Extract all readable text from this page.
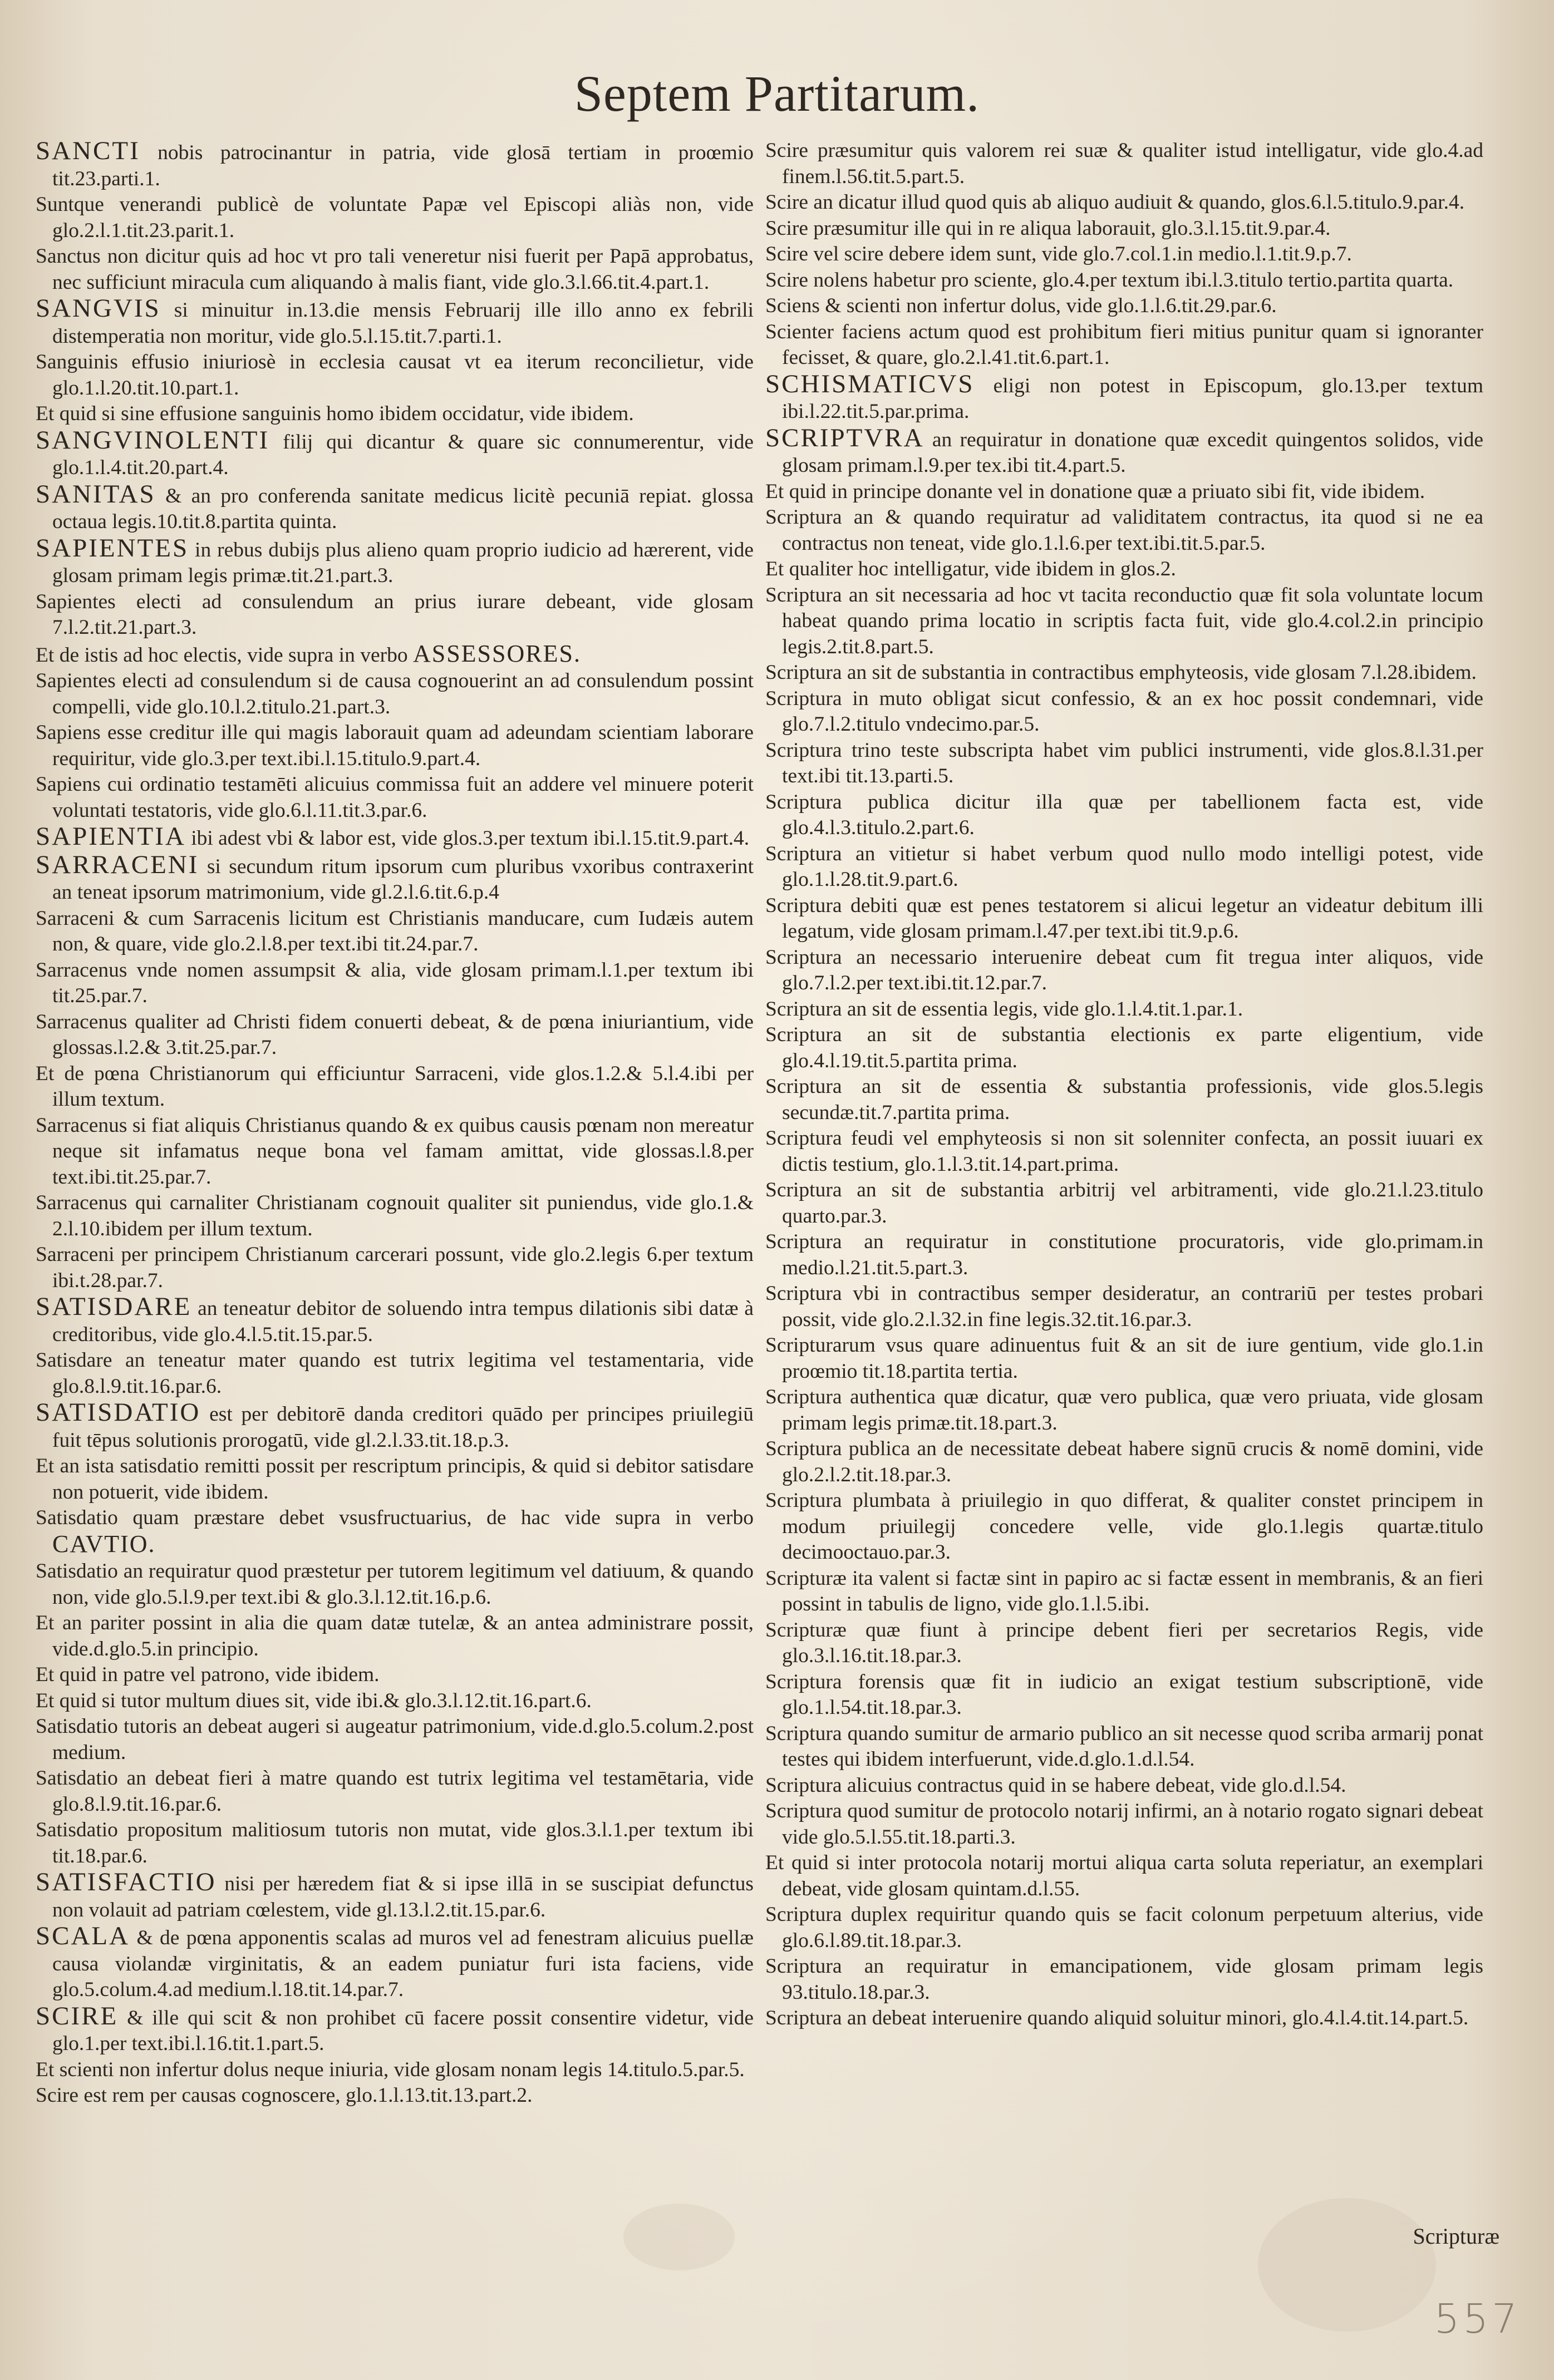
Septem Partitarum.

SANCTI nobis patrocinantur in patria, vide glosā tertiam in proœmio tit.23.parti.1.

Suntque venerandi publicè de voluntate Papæ vel Episcopi aliàs non, vide glo.2.l.1.tit.23.parit.1.

Sanctus non dicitur quis ad hoc vt pro tali veneretur nisi fuerit per Papā approbatus, nec sufficiunt miracula cum aliquando à malis fiant, vide glo.3.l.66.tit.4.part.1.

SANGVIS si minuitur in.13.die mensis Februarij ille illo anno ex febrili distemperatia non moritur, vide glo.5.l.15.tit.7.parti.1.

Sanguinis effusio iniuriosè in ecclesia causat vt ea iterum reconcilietur, vide glo.1.l.20.tit.10.part.1.

Et quid si sine effusione sanguinis homo ibidem occidatur, vide ibidem.

SANGVINOLENTI filij qui dicantur & quare sic connumerentur, vide glo.1.l.4.tit.20.part.4.

SANITAS & an pro conferenda sanitate medicus licitè pecuniā repiat. glossa octaua legis.10.tit.8.partita quinta.

SAPIENTES in rebus dubijs plus alieno quam proprio iudicio ad hærerent, vide glosam primam legis primæ.tit.21.part.3.

Sapientes electi ad consulendum an prius iurare debeant, vide glosam 7.l.2.tit.21.part.3.

Et de istis ad hoc electis, vide supra in verbo ASSESSORES.

Sapientes electi ad consulendum si de causa cognouerint an ad consulendum possint compelli, vide glo.10.l.2.titulo.21.part.3.

Sapiens esse creditur ille qui magis laborauit quam ad adeundam scientiam laborare requiritur, vide glo.3.per text.ibi.l.15.titulo.9.part.4.

Sapiens cui ordinatio testamēti alicuius commissa fuit an addere vel minuere poterit voluntati testatoris, vide glo.6.l.11.tit.3.par.6.

SAPIENTIA ibi adest vbi & labor est, vide glos.3.per textum ibi.l.15.tit.9.part.4.

SARRACENI si secundum ritum ipsorum cum pluribus vxoribus contraxerint an teneat ipsorum matrimonium, vide gl.2.l.6.tit.6.p.4

Sarraceni & cum Sarracenis licitum est Christianis manducare, cum Iudæis autem non, & quare, vide glo.2.l.8.per text.ibi tit.24.par.7.

Sarracenus vnde nomen assumpsit & alia, vide glosam primam.l.1.per textum ibi tit.25.par.7.

Sarracenus qualiter ad Christi fidem conuerti debeat, & de pœna iniuriantium, vide glossas.l.2.& 3.tit.25.par.7.

Et de pœna Christianorum qui efficiuntur Sarraceni, vide glos.1.2.& 5.l.4.ibi per illum textum.

Sarracenus si fiat aliquis Christianus quando & ex quibus causis pœnam non mereatur neque sit infamatus neque bona vel famam amittat, vide glossas.l.8.per text.ibi.tit.25.par.7.

Sarracenus qui carnaliter Christianam cognouit qualiter sit puniendus, vide glo.1.& 2.l.10.ibidem per illum textum.

Sarraceni per principem Christianum carcerari possunt, vide glo.2.legis 6.per textum ibi.t.28.par.7.

SATISDARE an teneatur debitor de soluendo intra tempus dilationis sibi datæ à creditoribus, vide glo.4.l.5.tit.15.par.5.

Satisdare an teneatur mater quando est tutrix legitima vel testamentaria, vide glo.8.l.9.tit.16.par.6.

SATISDATIO est per debitorē danda creditori quādo per principes priuilegiū fuit tēpus solutionis prorogatū, vide gl.2.l.33.tit.18.p.3.

Et an ista satisdatio remitti possit per rescriptum principis, & quid si debitor satisdare non potuerit, vide ibidem.

Satisdatio quam præstare debet vsusfructuarius, de hac vide supra in verbo CAVTIO.

Satisdatio an requiratur quod præstetur per tutorem legitimum vel datiuum, & quando non, vide glo.5.l.9.per text.ibi & glo.3.l.12.tit.16.p.6.

Et an pariter possint in alia die quam datæ tutelæ, & an antea administrare possit, vide.d.glo.5.in principio.

Et quid in patre vel patrono, vide ibidem.

Et quid si tutor multum diues sit, vide ibi.& glo.3.l.12.tit.16.part.6.

Satisdatio tutoris an debeat augeri si augeatur patrimonium, vide.d.glo.5.colum.2.post medium.

Satisdatio an debeat fieri à matre quando est tutrix legitima vel testamētaria, vide glo.8.l.9.tit.16.par.6.

Satisdatio propositum malitiosum tutoris non mutat, vide glos.3.l.1.per textum ibi tit.18.par.6.

SATISFACTIO nisi per hæredem fiat & si ipse illā in se suscipiat defunctus non volauit ad patriam cœlestem, vide gl.13.l.2.tit.15.par.6.

SCALA & de pœna apponentis scalas ad muros vel ad fenestram alicuius puellæ causa violandæ virginitatis, & an eadem puniatur furi ista faciens, vide glo.5.colum.4.ad medium.l.18.tit.14.par.7.

SCIRE & ille qui scit & non prohibet cū facere possit consentire videtur, vide glo.1.per text.ibi.l.16.tit.1.part.5.

Et scienti non infertur dolus neque iniuria, vide glosam nonam legis 14.titulo.5.par.5.

Scire est rem per causas cognoscere, glo.1.l.13.tit.13.part.2.

Scire præsumitur quis valorem rei suæ & qualiter istud intelligatur, vide glo.4.ad finem.l.56.tit.5.part.5.

Scire an dicatur illud quod quis ab aliquo audiuit & quando, glos.6.l.5.titulo.9.par.4.

Scire præsumitur ille qui in re aliqua laborauit, glo.3.l.15.tit.9.par.4.

Scire vel scire debere idem sunt, vide glo.7.col.1.in medio.l.1.tit.9.p.7.

Scire nolens habetur pro sciente, glo.4.per textum ibi.l.3.titulo tertio.partita quarta.

Sciens & scienti non infertur dolus, vide glo.1.l.6.tit.29.par.6.

Scienter faciens actum quod est prohibitum fieri mitius punitur quam si ignoranter fecisset, & quare, glo.2.l.41.tit.6.part.1.

SCHISMATICVS eligi non potest in Episcopum, glo.13.per textum ibi.l.22.tit.5.par.prima.

SCRIPTVRA an requiratur in donatione quæ excedit quingentos solidos, vide glosam primam.l.9.per tex.ibi tit.4.part.5.

Et quid in principe donante vel in donatione quæ a priuato sibi fit, vide ibidem.

Scriptura an & quando requiratur ad validitatem contractus, ita quod si ne ea contractus non teneat, vide glo.1.l.6.per text.ibi.tit.5.par.5.

Et qualiter hoc intelligatur, vide ibidem in glos.2.

Scriptura an sit necessaria ad hoc vt tacita reconductio quæ fit sola voluntate locum habeat quando prima locatio in scriptis facta fuit, vide glo.4.col.2.in principio legis.2.tit.8.part.5.

Scriptura an sit de substantia in contractibus emphyteosis, vide glosam 7.l.28.ibidem.

Scriptura in muto obligat sicut confessio, & an ex hoc possit condemnari, vide glo.7.l.2.titulo vndecimo.par.5.

Scriptura trino teste subscripta habet vim publici instrumenti, vide glos.8.l.31.per text.ibi tit.13.parti.5.

Scriptura publica dicitur illa quæ per tabellionem facta est, vide glo.4.l.3.titulo.2.part.6.

Scriptura an vitietur si habet verbum quod nullo modo intelligi potest, vide glo.1.l.28.tit.9.part.6.

Scriptura debiti quæ est penes testatorem si alicui legetur an videatur debitum illi legatum, vide glosam primam.l.47.per text.ibi tit.9.p.6.

Scriptura an necessario interuenire debeat cum fit tregua inter aliquos, vide glo.7.l.2.per text.ibi.tit.12.par.7.

Scriptura an sit de essentia legis, vide glo.1.l.4.tit.1.par.1.

Scriptura an sit de substantia electionis ex parte eligentium, vide glo.4.l.19.tit.5.partita prima.

Scriptura an sit de essentia & substantia professionis, vide glos.5.legis secundæ.tit.7.partita prima.

Scriptura feudi vel emphyteosis si non sit solenniter confecta, an possit iuuari ex dictis testium, glo.1.l.3.tit.14.part.prima.

Scriptura an sit de substantia arbitrij vel arbitramenti, vide glo.21.l.23.titulo quarto.par.3.

Scriptura an requiratur in constitutione procuratoris, vide glo.primam.in medio.l.21.tit.5.part.3.

Scriptura vbi in contractibus semper desideratur, an contrariū per testes probari possit, vide glo.2.l.32.in fine legis.32.tit.16.par.3.

Scripturarum vsus quare adinuentus fuit & an sit de iure gentium, vide glo.1.in proœmio tit.18.partita tertia.

Scriptura authentica quæ dicatur, quæ vero publica, quæ vero priuata, vide glosam primam legis primæ.tit.18.part.3.

Scriptura publica an de necessitate debeat habere signū crucis & nomē domini, vide glo.2.l.2.tit.18.par.3.

Scriptura plumbata à priuilegio in quo differat, & qualiter constet principem in modum priuilegij concedere velle, vide glo.1.legis quartæ.titulo decimooctauo.par.3.

Scripturæ ita valent si factæ sint in papiro ac si factæ essent in membranis, & an fieri possint in tabulis de ligno, vide glo.1.l.5.ibi.

Scripturæ quæ fiunt à principe debent fieri per secretarios Regis, vide glo.3.l.16.tit.18.par.3.

Scriptura forensis quæ fit in iudicio an exigat testium subscriptionē, vide glo.1.l.54.tit.18.par.3.

Scriptura quando sumitur de armario publico an sit necesse quod scriba armarij ponat testes qui ibidem interfuerunt, vide.d.glo.1.d.l.54.

Scriptura alicuius contractus quid in se habere debeat, vide glo.d.l.54.

Scriptura quod sumitur de protocolo notarij infirmi, an à notario rogato signari debeat vide glo.5.l.55.tit.18.parti.3.

Et quid si inter protocola notarij mortui aliqua carta soluta reperiatur, an exemplari debeat, vide glosam quintam.d.l.55.

Scriptura duplex requiritur quando quis se facit colonum perpetuum alterius, vide glo.6.l.89.tit.18.par.3.

Scriptura an requiratur in emancipationem, vide glosam primam legis 93.titulo.18.par.3.

Scriptura an debeat interuenire quando aliquid soluitur minori, glo.4.l.4.tit.14.part.5.

Scripturæ
557
